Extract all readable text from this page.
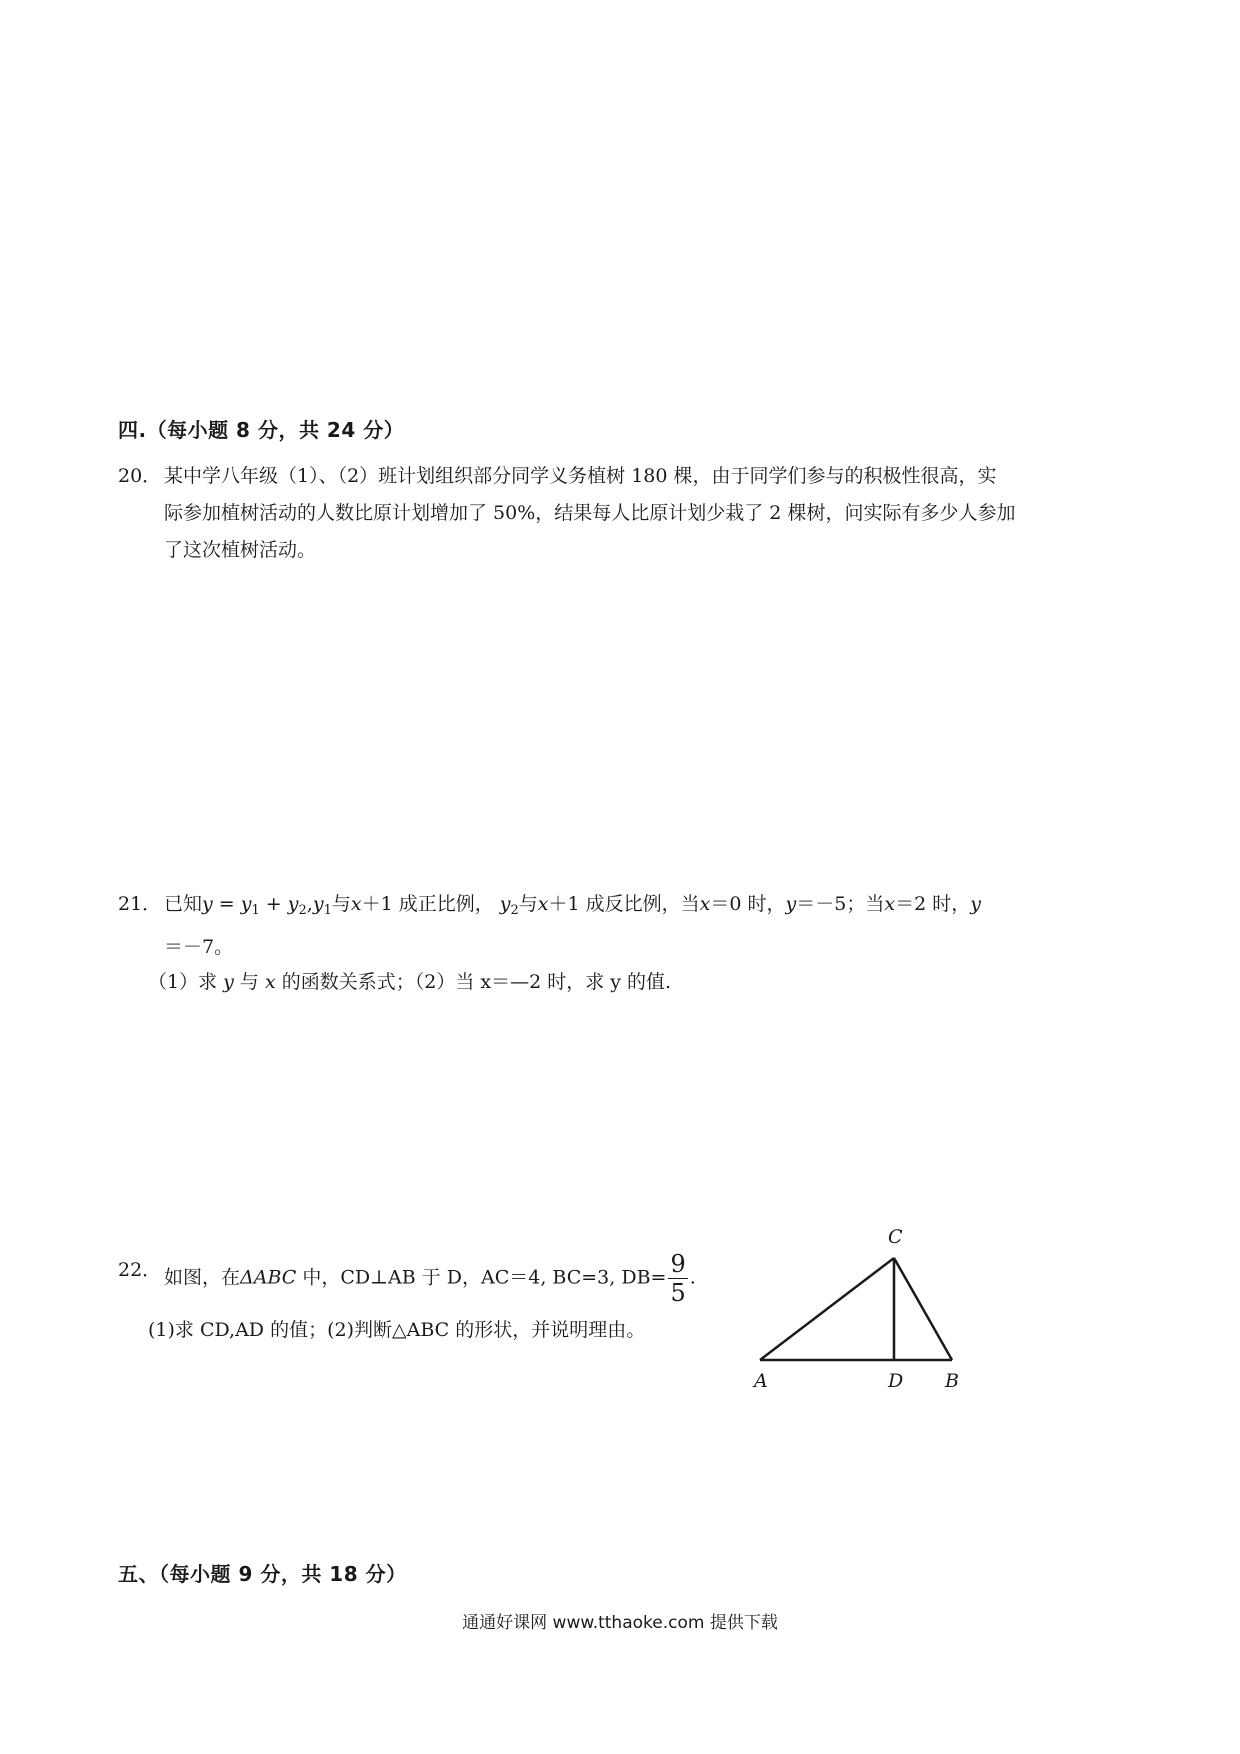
四.（每小题 8 分，共 24 分）
20． 某中学八年级（1）、（2）班计划组织部分同学义务植树 180 棵，由于同学们参与的积极性很高，实
际参加植树活动的人数比原计划增加了 50%，结果每人比原计划少栽了 2 棵树，问实际有多少人参加
了这次植树活动。
21． 已知$y = y_1 + y_2,y_1$与x＋1 成正比例， $y_2$与x＋1 成反比例，当x＝0 时，y＝－5；当x＝2 时，y
＝－7。
（1）求 y 与 x 的函数关系式；（2）当 x＝—2 时，求 y 的值.
22． 如图，在ΔABC 中，CD⊥AB 于 D，AC＝4, BC=3, $DB= \frac{9}{5}$ .
(1)求 CD,AD 的值；(2)判断△ABC 的形状，并说明理由。
C
A	D B
五、（每小题 9 分，共 18 分）
通通好课网 www.tthaoke.com 提供下载
